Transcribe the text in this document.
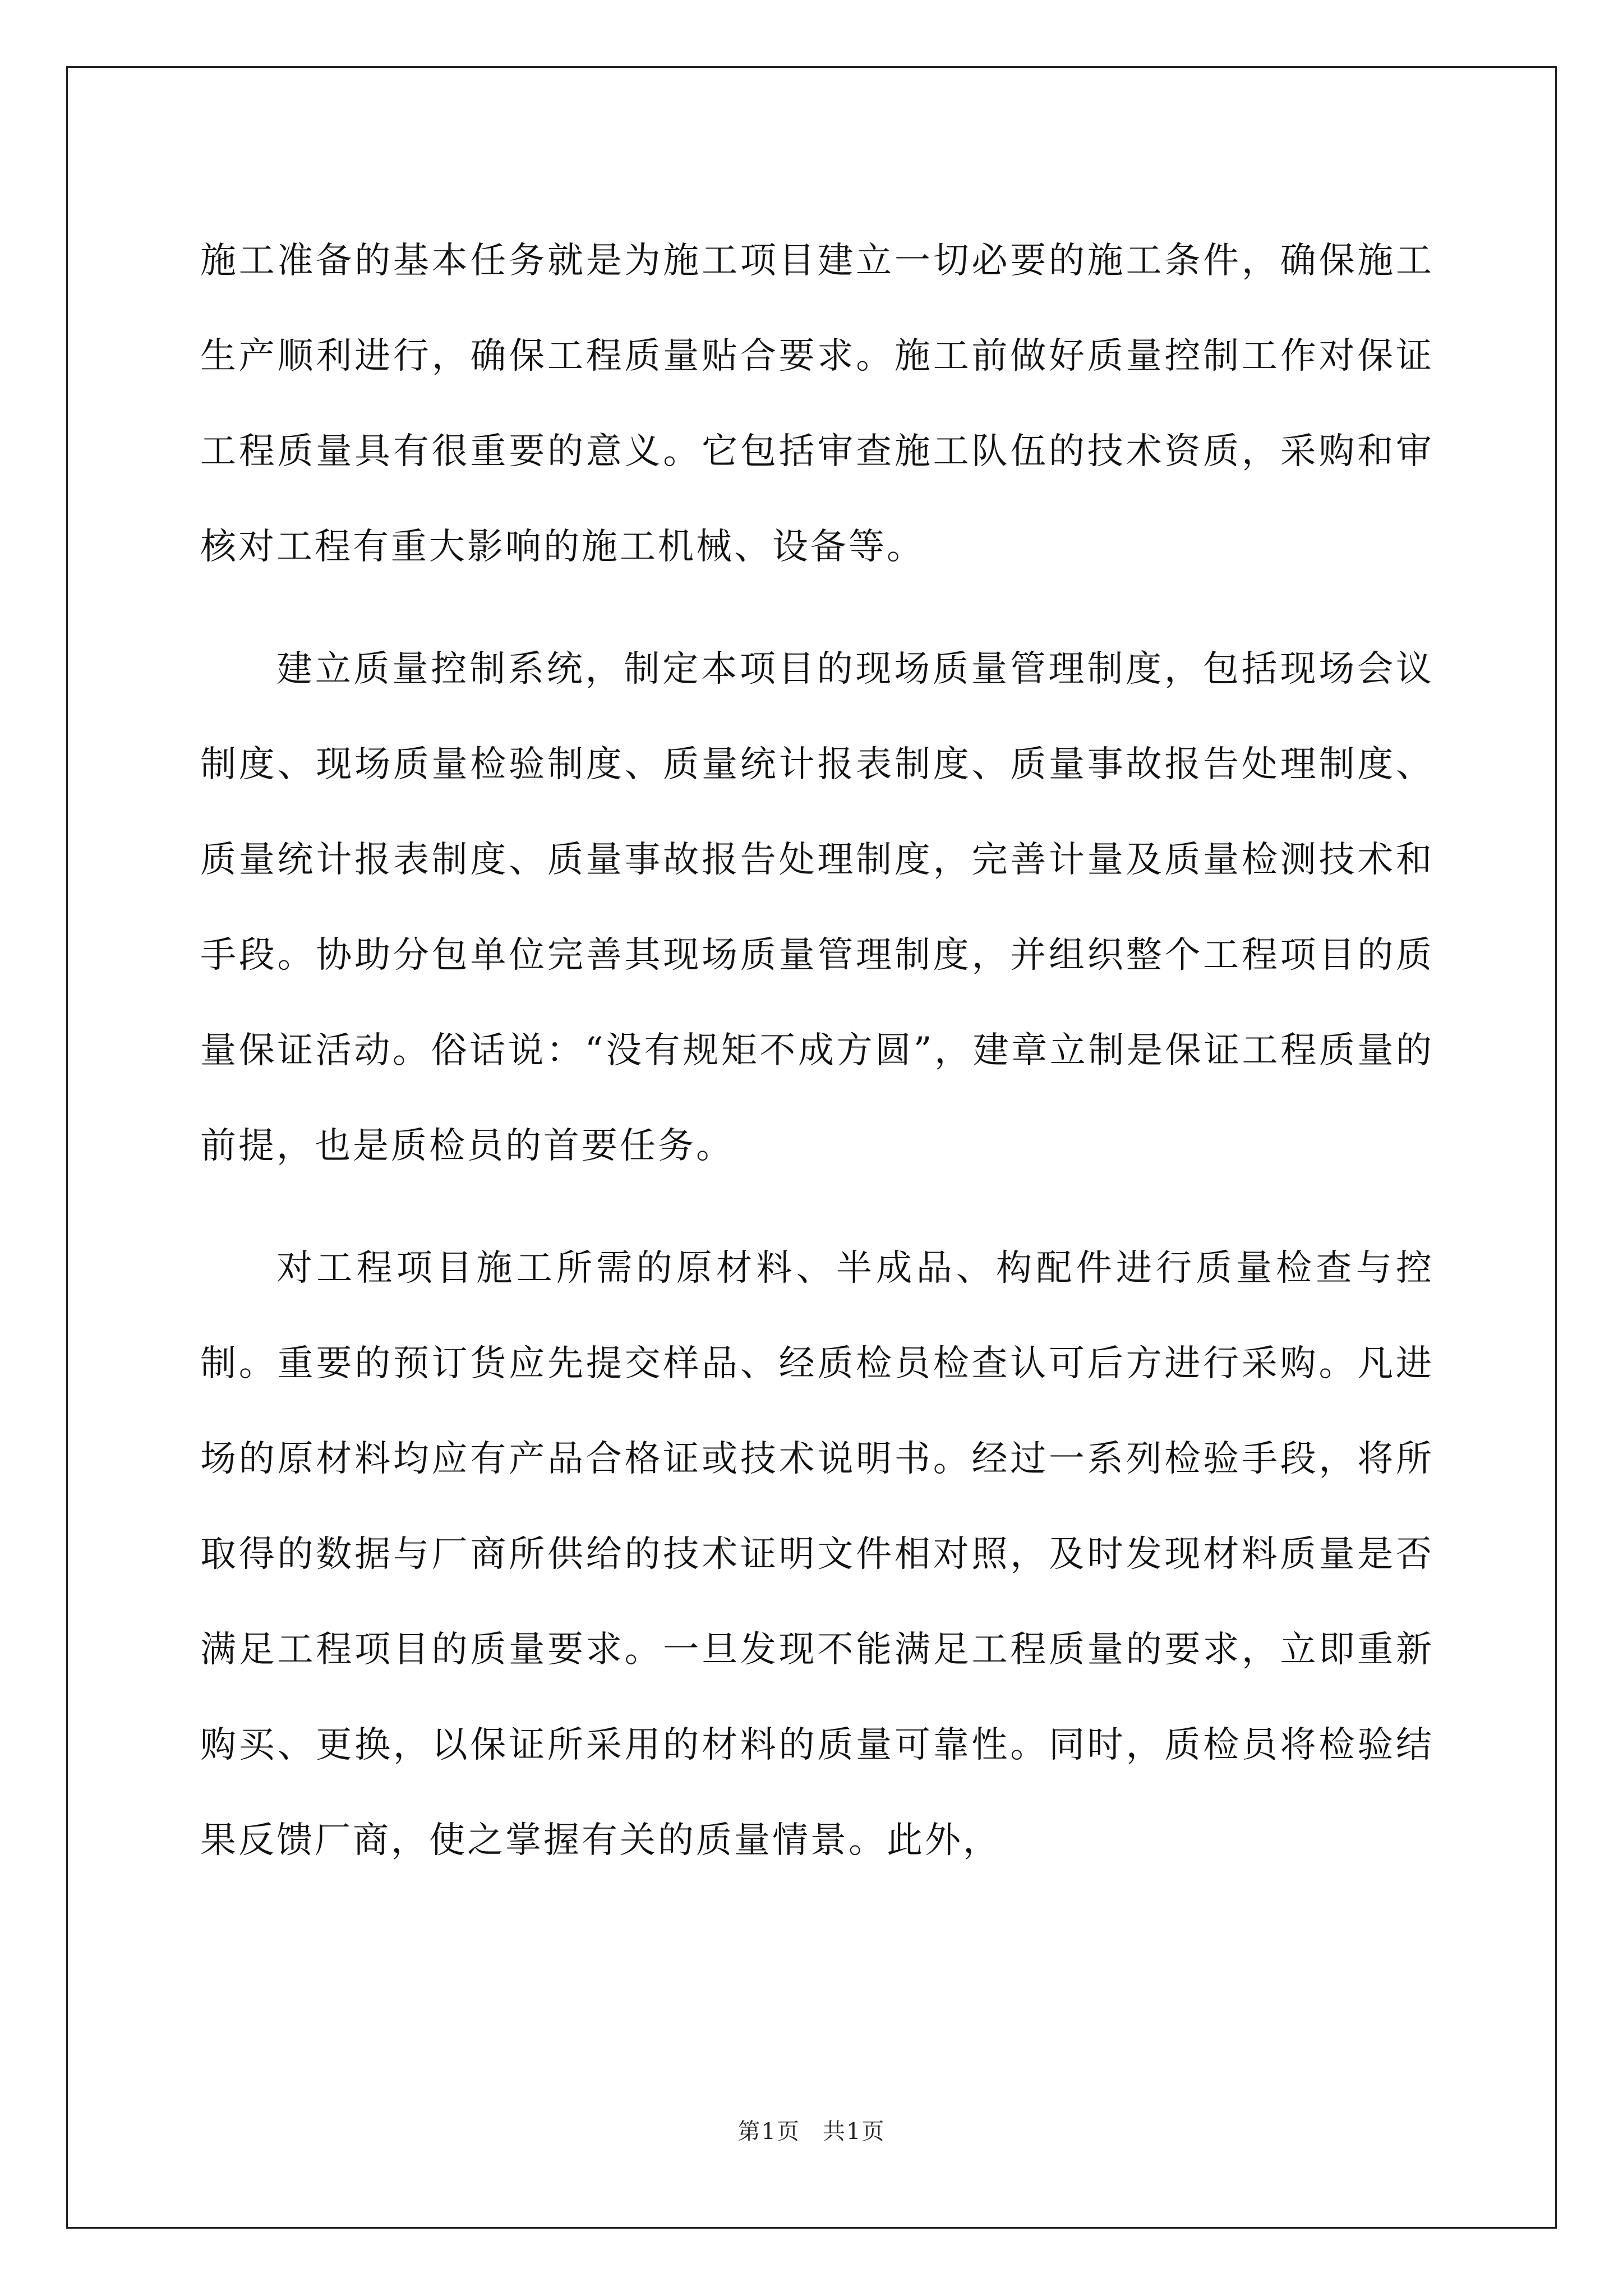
施工准备的基本任务就是为施工项目建立一切必要的施工条件，确保施工生产顺利进行，确保工程质量贴合要求。施工前做好质量控制工作对保证工程质量具有很重要的意义。它包括审查施工队伍的技术资质，采购和审核对工程有重大影响的施工机械、设备等。

建立质量控制系统，制定本项目的现场质量管理制度，包括现场会议制度、现场质量检验制度、质量统计报表制度、质量事故报告处理制度、质量统计报表制度、质量事故报告处理制度，完善计量及质量检测技术和手段。协助分包单位完善其现场质量管理制度，并组织整个工程项目的质量保证活动。俗话说：“没有规矩不成方圆”，建章立制是保证工程质量的前提，也是质检员的首要任务。

对工程项目施工所需的原材料、半成品、构配件进行质量检查与控制。重要的预订货应先提交样品、经质检员检查认可后方进行采购。凡进场的原材料均应有产品合格证或技术说明书。经过一系列检验手段，将所取得的数据与厂商所供给的技术证明文件相对照，及时发现材料质量是否满足工程项目的质量要求。一旦发现不能满足工程质量的要求，立即重新购买、更换，以保证所采用的材料的质量可靠性。同时，质检员将检验结果反馈厂商，使之掌握有关的质量情景。此外，

第1页 共1页
